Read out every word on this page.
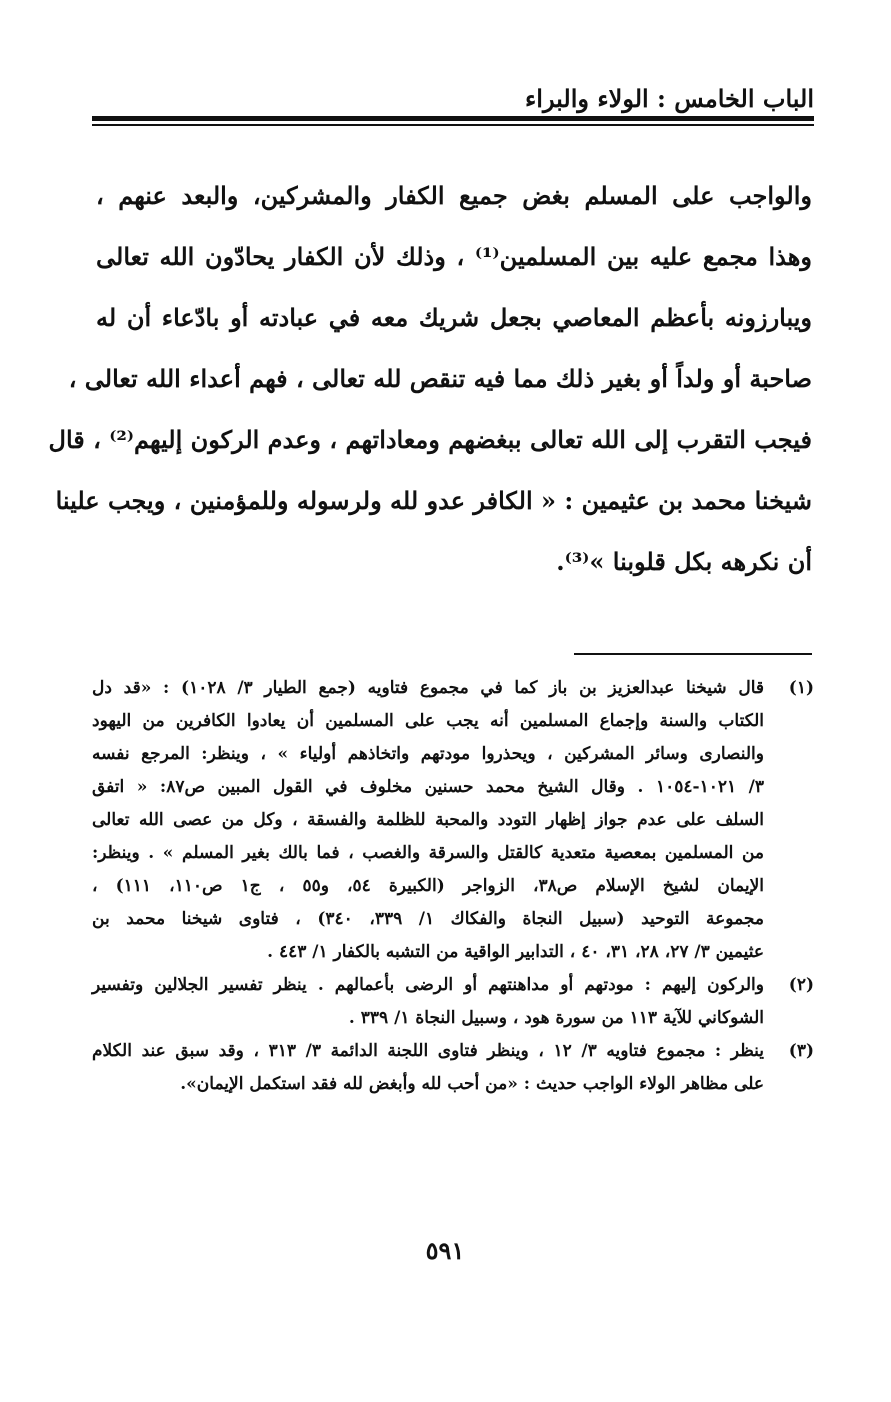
الباب الخامس : الولاء والبراء
والواجب على المسلم بغض جميع الكفار والمشركين، والبعد عنهم ،
وهذا مجمع عليه بين المسلمين⁽¹⁾ ، وذلك لأن الكفار يحادّون الله تعالى
ويبارزونه بأعظم المعاصي بجعل شريك معه في عبادته أو بادّعاء أن له
صاحبة أو ولداً أو بغير ذلك مما فيه تنقص لله تعالى ، فهم أعداء الله تعالى ،
فيجب التقرب إلى الله تعالى ببغضهم ومعاداتهم ، وعدم الركون إليهم⁽²⁾ ، قال
شيخنا محمد بن عثيمين : « الكافر عدو لله ولرسوله وللمؤمنين ، ويجب علينا
أن نكرهه بكل قلوبنا »⁽³⁾.
(١)
قال شيخنا عبدالعزيز بن باز كما في مجموع فتاويه (جمع الطيار ٣/ ١٠٢٨) : «قد دل
الكتاب والسنة وإجماع المسلمين أنه يجب على المسلمين أن يعادوا الكافرين من اليهود
والنصارى وسائر المشركين ، ويحذروا مودتهم واتخاذهم أولياء » ، وينظر: المرجع نفسه
٣/ ١٠٢١-١٠٥٤ . وقال الشيخ محمد حسنين مخلوف في القول المبين ص٨٧: « اتفق
السلف على عدم جواز إظهار التودد والمحبة للظلمة والفسقة ، وكل من عصى الله تعالى
من المسلمين بمعصية متعدية كالقتل والسرقة والغصب ، فما بالك بغير المسلم » . وينظر:
الإيمان لشيخ الإسلام ص٣٨، الزواجر (الكبيرة ٥٤، و٥٥ ، ج١ ص١١٠، ١١١) ،
مجموعة التوحيد (سبيل النجاة والفكاك ١/ ٣٣٩، ٣٤٠) ، فتاوى شيخنا محمد بن
عثيمين ٣/ ٢٧، ٢٨، ٣١، ٤٠ ، التدابير الواقية من التشبه بالكفار ١/ ٤٤٣ .
(٢)
والركون إليهم : مودتهم أو مداهنتهم أو الرضى بأعمالهم . ينظر تفسير الجلالين وتفسير
الشوكاني للآية ١١٣ من سورة هود ، وسبيل النجاة ١/ ٣٣٩ .
(٣)
ينظر : مجموع فتاويه ٣/ ١٢ ، وينظر فتاوى اللجنة الدائمة ٣/ ٣١٣ ، وقد سبق عند الكلام
على مظاهر الولاء الواجب حديث : «من أحب لله وأبغض لله فقد استكمل الإيمان».
٥٩١
